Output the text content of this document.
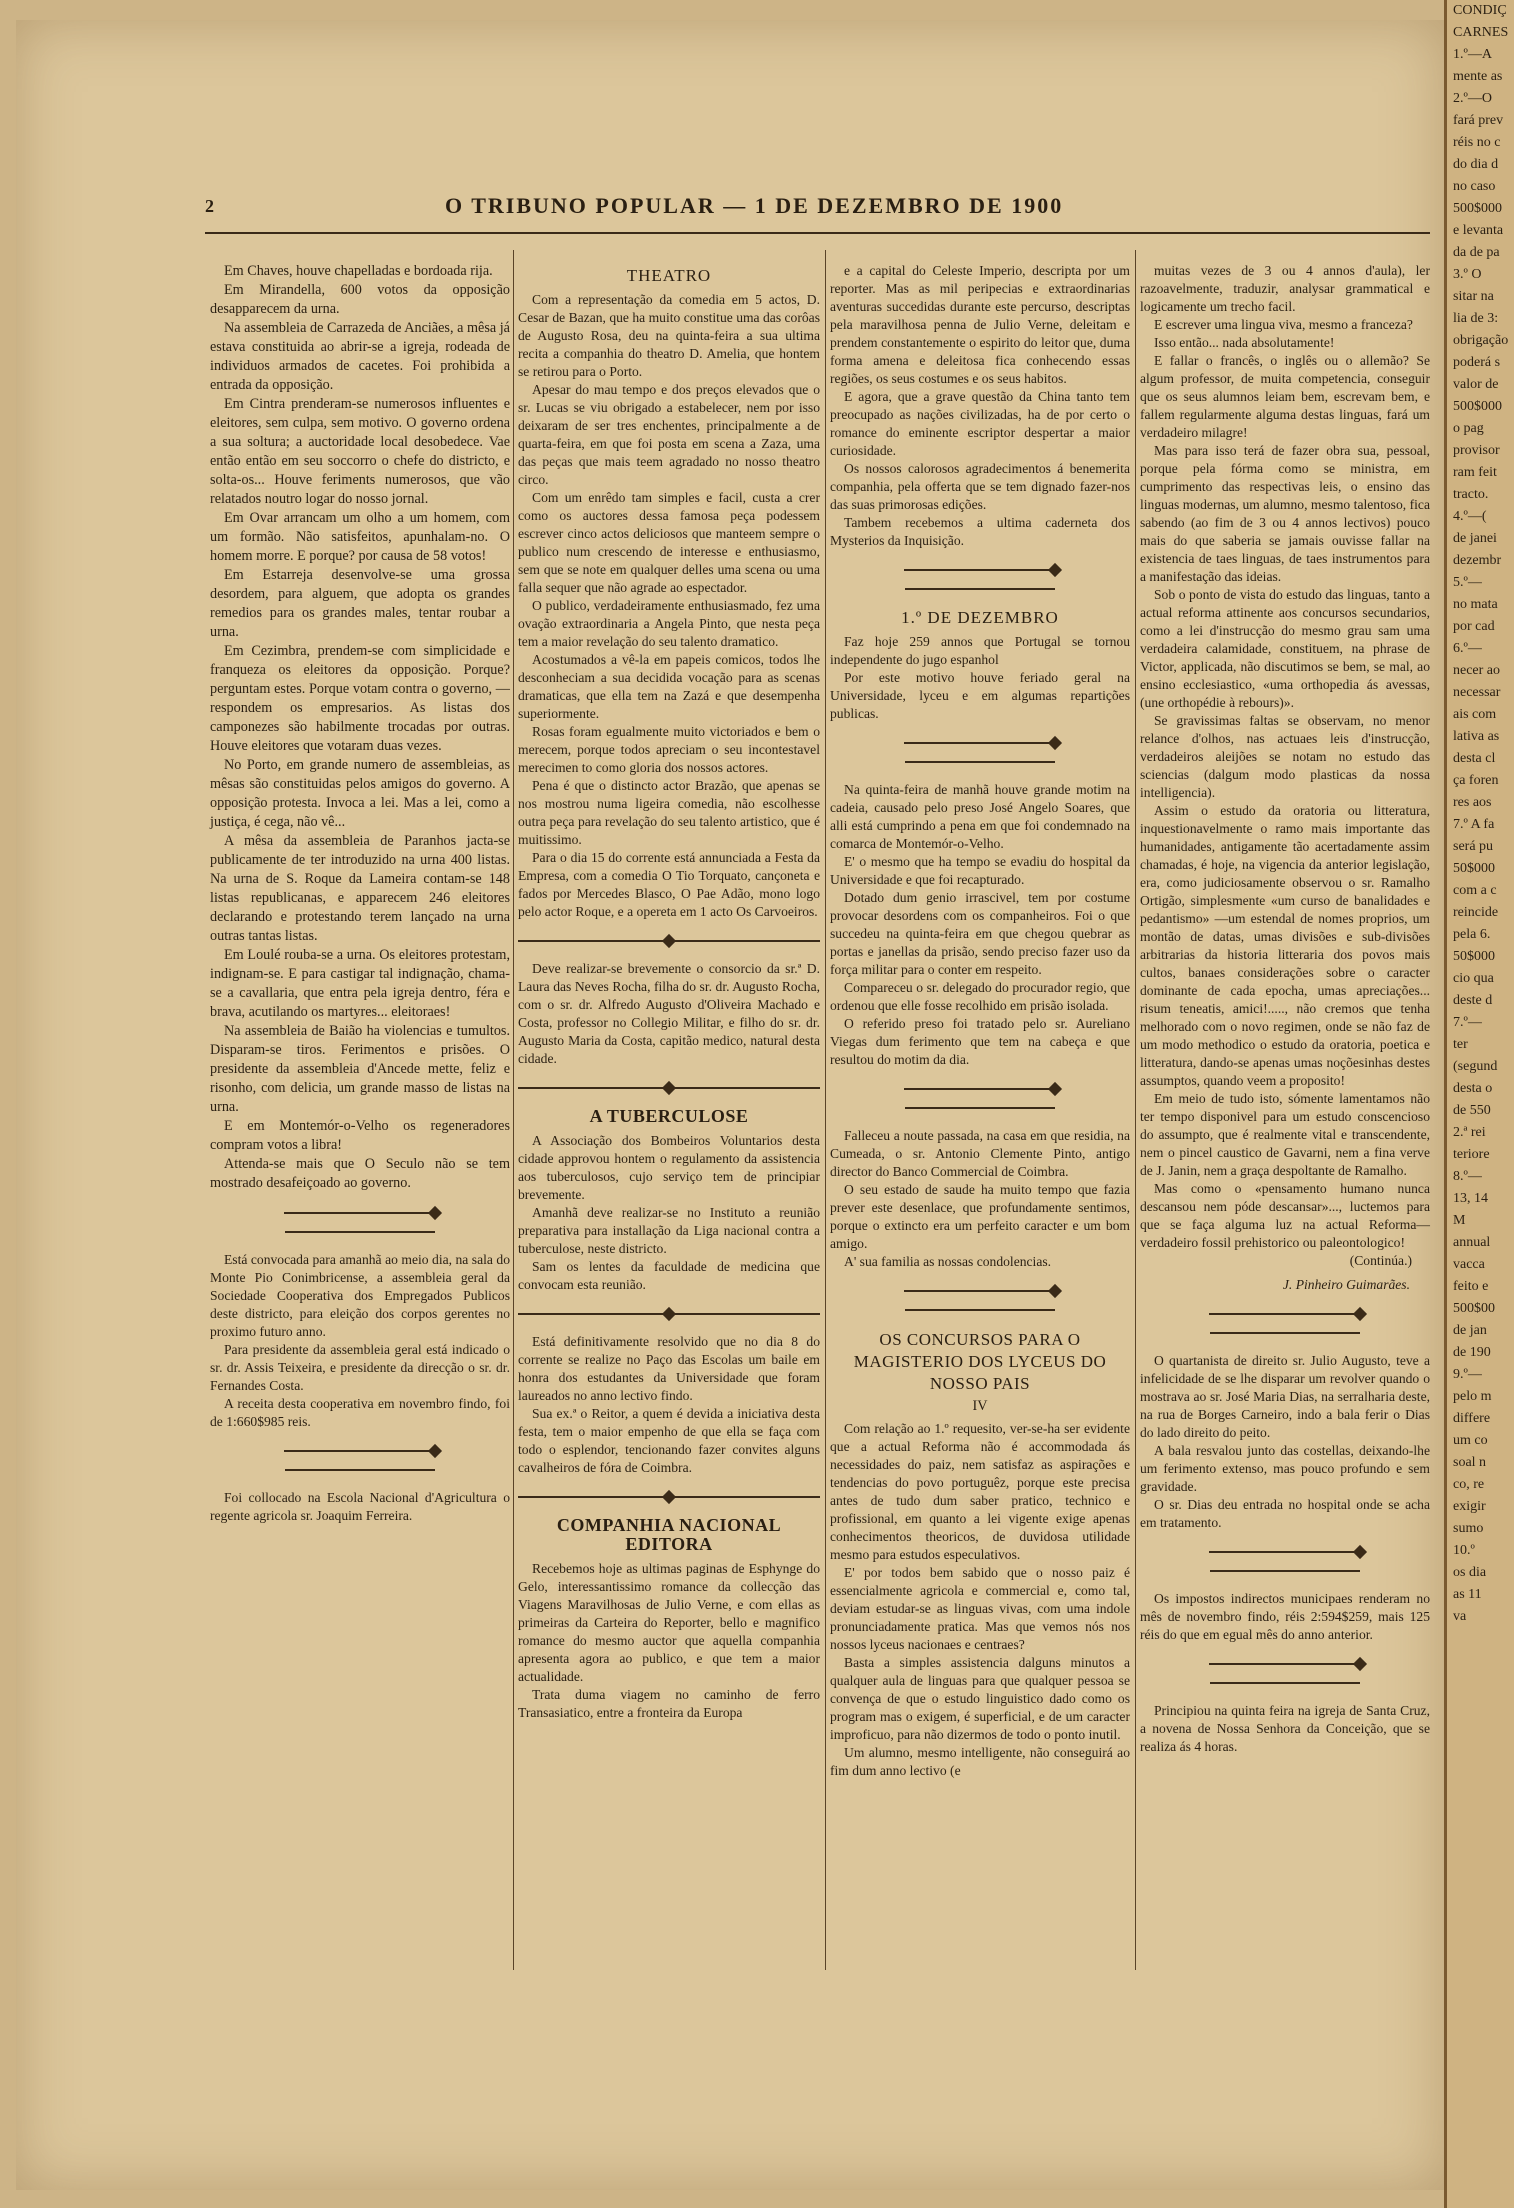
2	O TRIBUNO POPULAR — 1 DE DEZEMBRO DE 1900

Em Chaves, houve chapelladas e bordoada rija.

Em Mirandella, 600 votos da opposição desapparecem da urna.

Na assembleia de Carrazeda de Anciães, a mêsa já estava constituida ao abrir-se a igreja, rodeada de individuos armados de cacetes. Foi prohibida a entrada da opposição.

Em Cintra prenderam-se numerosos influentes e eleitores, sem culpa, sem motivo. O governo ordena a sua soltura; a auctoridade local desobedece. Vae então então em seu soccorro o chefe do districto, e solta-os... Houve feriments numerosos, que vão relatados noutro logar do nosso jornal.

Em Ovar arrancam um olho a um homem, com um formão. Não satisfeitos, apunhalam-no. O homem morre. E porque? por causa de 58 votos!

Em Estarreja desenvolve-se uma grossa desordem, para alguem, que adopta os grandes remedios para os grandes males, tentar roubar a urna.

Em Cezimbra, prendem-se com simplicidade e franqueza os eleitores da opposição. Porque? perguntam estes. Porque votam contra o governo, —respondem os empresarios. As listas dos camponezes são habilmente trocadas por outras. Houve eleitores que votaram duas vezes.

No Porto, em grande numero de assembleias, as mêsas são constituidas pelos amigos do governo. A opposição protesta. Invoca a lei. Mas a lei, como a justiça, é cega, não vê...

A mêsa da assembleia de Paranhos jacta-se publicamente de ter introduzido na urna 400 listas. Na urna de S. Roque da Lameira contam-se 148 listas republicanas, e apparecem 246 eleitores declarando e protestando terem lançado na urna outras tantas listas.

Em Loulé rouba-se a urna. Os eleitores protestam, indignam-se. E para castigar tal indignação, chama-se a cavallaria, que entra pela igreja dentro, féra e brava, acutilando os martyres... eleitoraes!

Na assembleia de Baião ha violencias e tumultos. Disparam-se tiros. Ferimentos e prisões. O presidente da assembleia d'Ancede mette, feliz e risonho, com delicia, um grande masso de listas na urna.

E em Montemór-o-Velho os regeneradores compram votos a libra!

Attenda-se mais que O Seculo não se tem mostrado desafeiçoado ao governo.

Está convocada para amanhã ao meio dia, na sala do Monte Pio Conimbricense, a assembleia geral da Sociedade Cooperativa dos Empregados Publicos deste districto, para eleição dos corpos gerentes no proximo futuro anno.

Para presidente da assembleia geral está indicado o sr. dr. Assis Teixeira, e presidente da direcção o sr. dr. Fernandes Costa.

A receita desta cooperativa em novembro findo, foi de 1:660$985 reis.

Foi collocado na Escola Nacional d'Agricultura o regente agricola sr. Joaquim Ferreira.

THEATRO

Com a representação da comedia em 5 actos, D. Cesar de Bazan, que ha muito constitue uma das corôas de Augusto Rosa, deu na quinta-feira a sua ultima recita a companhia do theatro D. Amelia, que hontem se retirou para o Porto.

Apesar do mau tempo e dos preços elevados que o sr. Lucas se viu obrigado a estabelecer, nem por isso deixaram de ser tres enchentes, principalmente a de quarta-feira, em que foi posta em scena a Zaza, uma das peças que mais teem agradado no nosso theatro circo.

Com um enrêdo tam simples e facil, custa a crer como os auctores dessa famosa peça podessem escrever cinco actos deliciosos que manteem sempre o publico num crescendo de interesse e enthusiasmo, sem que se note em qualquer delles uma scena ou uma falla sequer que não agrade ao espectador.

O publico, verdadeiramente enthusiasmado, fez uma ovação extraordinaria a Angela Pinto, que nesta peça tem a maior revelação do seu talento dramatico.

Acostumados a vê-la em papeis comicos, todos lhe desconheciam a sua decidida vocação para as scenas dramaticas, que ella tem na Zazá e que desempenha superiormente.

Rosas foram egualmente muito victoriados e bem o merecem, porque todos apreciam o seu incontestavel merecimen to como gloria dos nossos actores.

Pena é que o distincto actor Brazão, que apenas se nos mostrou numa ligeira comedia, não escolhesse outra peça para revelação do seu talento artistico, que é muitissimo.

Para o dia 15 do corrente está annunciada a Festa da Empresa, com a comedia O Tio Torquato, cançoneta e fados por Mercedes Blasco, O Pae Adão, mono logo pelo actor Roque, e a opereta em 1 acto Os Carvoeiros.

Deve realizar-se brevemente o consorcio da sr.ª D. Laura das Neves Rocha, filha do sr. dr. Augusto Rocha, com o sr. dr. Alfredo Augusto d'Oliveira Machado e Costa, professor no Collegio Militar, e filho do sr. dr. Augusto Maria da Costa, capitão medico, natural desta cidade.

A TUBERCULOSE

A Associação dos Bombeiros Voluntarios desta cidade approvou hontem o regulamento da assistencia aos tuberculosos, cujo serviço tem de principiar brevemente.

Amanhã deve realizar-se no Instituto a reunião preparativa para installação da Liga nacional contra a tuberculose, neste districto.

Sam os lentes da faculdade de medicina que convocam esta reunião.

Está definitivamente resolvido que no dia 8 do corrente se realize no Paço das Escolas um baile em honra dos estudantes da Universidade que foram laureados no anno lectivo findo.

Sua ex.ª o Reitor, a quem é devida a iniciativa desta festa, tem o maior empenho de que ella se faça com todo o esplendor, tencionando fazer convites alguns cavalheiros de fóra de Coimbra.

COMPANHIA NACIONAL EDITORA

Recebemos hoje as ultimas paginas de Esphynge do Gelo, interessantissimo romance da collecção das Viagens Maravilhosas de Julio Verne, e com ellas as primeiras da Carteira do Reporter, bello e magnifico romance do mesmo auctor que aquella companhia apresenta agora ao publico, e que tem a maior actualidade.

Trata duma viagem no caminho de ferro Transasiatico, entre a fronteira da Europa

e a capital do Celeste Imperio, descripta por um reporter. Mas as mil peripecias e extraordinarias aventuras succedidas durante este percurso, descriptas pela maravilhosa penna de Julio Verne, deleitam e prendem constantemente o espirito do leitor que, duma forma amena e deleitosa fica conhecendo essas regiões, os seus costumes e os seus habitos.

E agora, que a grave questão da China tanto tem preocupado as nações civilizadas, ha de por certo o romance do eminente escriptor despertar a maior curiosidade.

Os nossos calorosos agradecimentos á benemerita companhia, pela offerta que se tem dignado fazer-nos das suas primorosas edições.

Tambem recebemos a ultima caderneta dos Mysterios da Inquisição.

1.º DE DEZEMBRO

Faz hoje 259 annos que Portugal se tornou independente do jugo espanhol

Por este motivo houve feriado geral na Universidade, lyceu e em algumas repartições publicas.

Na quinta-feira de manhã houve grande motim na cadeia, causado pelo preso José Angelo Soares, que alli está cumprindo a pena em que foi condemnado na comarca de Montemór-o-Velho.

E' o mesmo que ha tempo se evadiu do hospital da Universidade e que foi recapturado.

Dotado dum genio irrascivel, tem por costume provocar desordens com os companheiros. Foi o que succedeu na quinta-feira em que chegou quebrar as portas e janellas da prisão, sendo preciso fazer uso da força militar para o conter em respeito.

Compareceu o sr. delegado do procurador regio, que ordenou que elle fosse recolhido em prisão isolada.

O referido preso foi tratado pelo sr. Aureliano Viegas dum ferimento que tem na cabeça e que resultou do motim da dia.

Falleceu a noute passada, na casa em que residia, na Cumeada, o sr. Antonio Clemente Pinto, antigo director do Banco Commercial de Coimbra.

O seu estado de saude ha muito tempo que fazia prever este desenlace, que profundamente sentimos, porque o extincto era um perfeito caracter e um bom amigo.

A' sua familia as nossas condolencias.

OS CONCURSOS PARA O MAGISTERIO DOS LYCEUS DO NOSSO PAIS
IV

Com relação ao 1.º requesito, ver-se-ha ser evidente que a actual Reforma não é accommodada ás necessidades do paiz, nem satisfaz as aspirações e tendencias do povo portuguêz, porque este precisa antes de tudo dum saber pratico, technico e profissional, em quanto a lei vigente exige apenas conhecimentos theoricos, de duvidosa utilidade mesmo para estudos especulativos.

E' por todos bem sabido que o nosso paiz é essencialmente agricola e commercial e, como tal, deviam estudar-se as linguas vivas, com uma indole pronunciadamente pratica. Mas que vemos nós nos nossos lyceus nacionaes e centraes?

Basta a simples assistencia dalguns minutos a qualquer aula de linguas para que qualquer pessoa se convença de que o estudo linguistico dado como os program mas o exigem, é superficial, e de um caracter improficuo, para não dizermos de todo o ponto inutil.

Um alumno, mesmo intelligente, não conseguirá ao fim dum anno lectivo (e

muitas vezes de 3 ou 4 annos d'aula), ler razoavelmente, traduzir, analysar grammatical e logicamente um trecho facil.

E escrever uma lingua viva, mesmo a franceza?

Isso então... nada absolutamente!

E fallar o francês, o inglês ou o allemão? Se algum professor, de muita competencia, conseguir que os seus alumnos leiam bem, escrevam bem, e fallem regularmente alguma destas linguas, fará um verdadeiro milagre!

Mas para isso terá de fazer obra sua, pessoal, porque pela fórma como se ministra, em cumprimento das respectivas leis, o ensino das linguas modernas, um alumno, mesmo talentoso, fica sabendo (ao fim de 3 ou 4 annos lectivos) pouco mais do que saberia se jamais ouvisse fallar na existencia de taes linguas, de taes instrumentos para a manifestação das ideias.

Sob o ponto de vista do estudo das linguas, tanto a actual reforma attinente aos concursos secundarios, como a lei d'instrucção do mesmo grau sam uma verdadeira calamidade, constituem, na phrase de Victor, applicada, não discutimos se bem, se mal, ao ensino ecclesiastico, «uma orthopedia ás avessas, (une orthopédie à rebours)».

Se gravissimas faltas se observam, no menor relance d'olhos, nas actuaes leis d'instrucção, verdadeiros aleijões se notam no estudo das sciencias (dalgum modo plasticas da nossa intelligencia).

Assim o estudo da oratoria ou litteratura, inquestionavelmente o ramo mais importante das humanidades, antigamente tão acertadamente assim chamadas, é hoje, na vigencia da anterior legislação, era, como judiciosamente observou o sr. Ramalho Ortigão, simplesmente «um curso de banalidades e pedantismo» —um estendal de nomes proprios, um montão de datas, umas divisões e sub-divisões arbitrarias da historia litteraria dos povos mais cultos, banaes considerações sobre o caracter dominante de cada epocha, umas apreciações... risum teneatis, amici!....., não cremos que tenha melhorado com o novo regimen, onde se não faz de um modo methodico o estudo da oratoria, poetica e litteratura, dando-se apenas umas noçõesinhas destes assumptos, quando veem a proposito!

Em meio de tudo isto, sómente lamentamos não ter tempo disponivel para um estudo conscencioso do assumpto, que é realmente vital e transcendente, nem o pincel caustico de Gavarni, nem a fina verve de J. Janin, nem a graça despoltante de Ramalho.

Mas como o «pensamento humano nunca descansou nem póde descansar»..., luctemos para que se faça alguma luz na actual Reforma—verdadeiro fossil prehistorico ou paleontologico!

(Continúa.)
J. Pinheiro Guimarães.

O quartanista de direito sr. Julio Augusto, teve a infelicidade de se lhe disparar um revolver quando o mostrava ao sr. José Maria Dias, na serralharia deste, na rua de Borges Carneiro, indo a bala ferir o Dias do lado direito do peito.

A bala resvalou junto das costellas, deixando-lhe um ferimento extenso, mas pouco profundo e sem gravidade.

O sr. Dias deu entrada no hospital onde se acha em tratamento.

Os impostos indirectos municipaes renderam no mês de novembro findo, réis 2:594$259, mais 125 réis do que em egual mês do anno anterior.

Principiou na quinta feira na igreja de Santa Cruz, a novena de Nossa Senhora da Conceição, que se realiza ás 4 horas.

CONDIÇ
CARNES
1.º—A
mente as
2.º—O
fará prev
réis no c
do dia d
no caso
500$000
e levanta
da de pa
3.º O
sitar na
lia de 3:
obrigação
poderá s
valor de
500$000
o pag
provisor
ram feit
tracto.
4.º—(
de janei
dezembr
5.º—
no mata
por cad
6.º—
necer ao
necessar
ais com
lativa as
desta cl
ça foren
res aos
7.º A fa
será pu
50$000
com a c
reincide
pela 6.
50$000
cio qua
deste d
7.º—
ter
(segund
desta o
de 550
2.ª rei
teriore
8.º—
13, 14
M
annual
vacca
feito e
500$00
de jan
de 190
9.º—
pelo m
differe
um co
soal n
co, re
exigir
sumo
10.º
os dia
as 11
va
